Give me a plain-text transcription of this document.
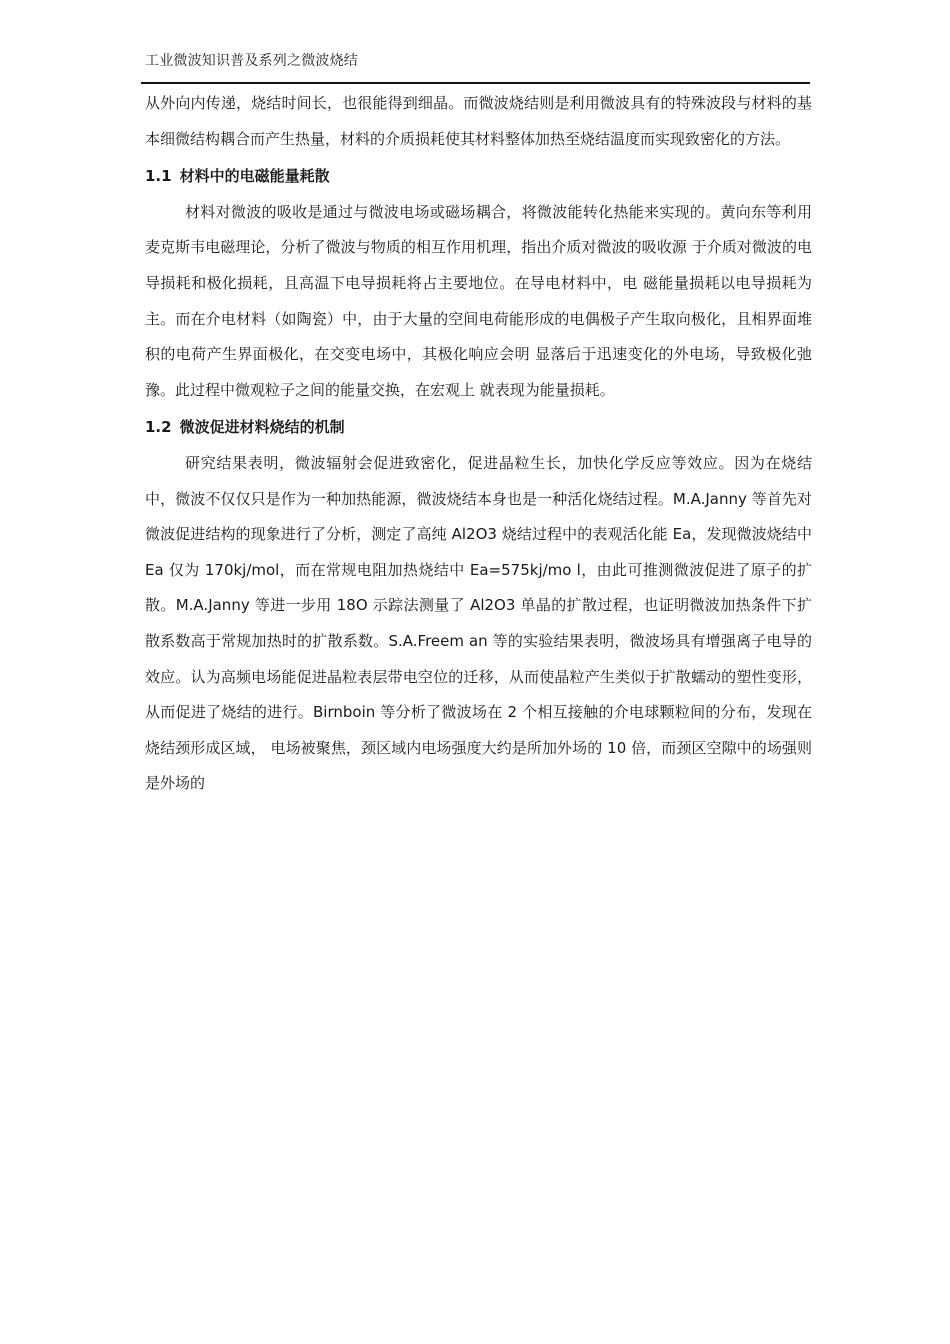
工业微波知识普及系列之微波烧结

从外向内传递，烧结时间长，也很能得到细晶。而微波烧结则是利用微波具有的特殊波段与材料的基本细微结构耦合而产生热量，材料的介质损耗使其材料整体加热至烧结温度而实现致密化的方法。

1.1 材料中的电磁能量耗散

材料对微波的吸收是通过与微波电场或磁场耦合，将微波能转化热能来实现的。黄向东等利用麦克斯韦电磁理论，分析了微波与物质的相互作用机理，指出介质对微波的吸收源 于介质对微波的电导损耗和极化损耗，且高温下电导损耗将占主要地位。在导电材料中，电 磁能量损耗以电导损耗为主。而在介电材料（如陶瓷）中，由于大量的空间电荷能形成的电偶极子产生取向极化，且相界面堆积的电荷产生界面极化，在交变电场中，其极化响应会明 显落后于迅速变化的外电场，导致极化弛豫。此过程中微观粒子之间的能量交换，在宏观上 就表现为能量损耗。

1.2 微波促进材料烧结的机制

研究结果表明，微波辐射会促进致密化，促进晶粒生长，加快化学反应等效应。因为在烧结中，微波不仅仅只是作为一种加热能源，微波烧结本身也是一种活化烧结过程。M.A.Janny 等首先对微波促进结构的现象进行了分析，测定了高纯 Al2O3 烧结过程中的表观活化能 Ea，发现微波烧结中 Ea 仅为 170kj/mol，而在常规电阻加热烧结中 Ea=575kj/mo l，由此可推测微波促进了原子的扩散。M.A.Janny 等进一步用 18O 示踪法测量了 Al2O3 单晶的扩散过程，也证明微波加热条件下扩散系数高于常规加热时的扩散系数。S.A.Freem an 等的实验结果表明，微波场具有增强离子电导的效应。认为高频电场能促进晶粒表层带电空位的迁移，从而使晶粒产生类似于扩散蠕动的塑性变形，从而促进了烧结的进行。Birnboin 等分析了微波场在 2 个相互接触的介电球颗粒间的分布，发现在烧结颈形成区域， 电场被聚焦，颈区域内电场强度大约是所加外场的 10 倍，而颈区空隙中的场强则是外场的
